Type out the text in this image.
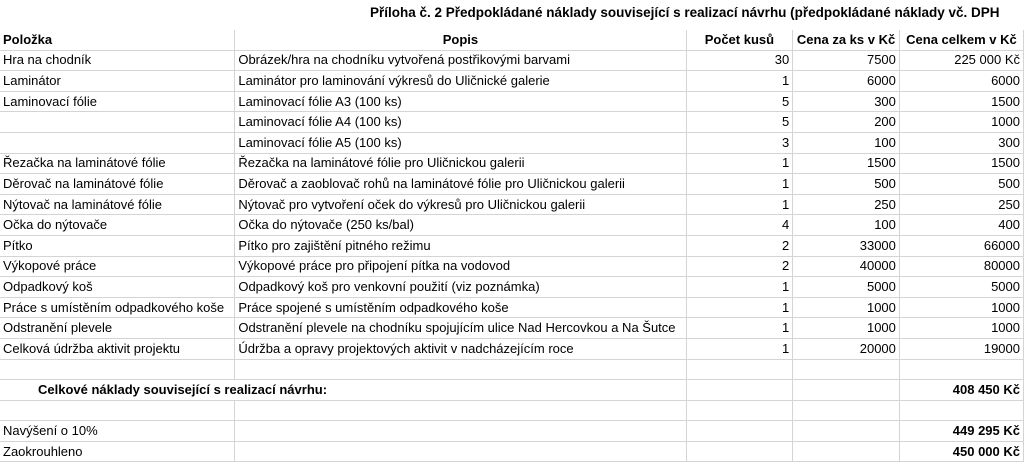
Příloha č. 2 Předpokládané náklady související s realizací návrhu (předpokládané náklady vč. DPH
Položka	Popis	Počet kusů	Cena za ks v Kč	Cena celkem v Kč
Hra na chodník	Obrázek/hra na chodníku vytvořená postřikovými barvami	30	7500	225 000 Kč
Laminátor	Laminátor pro laminování výkresů do Uličnické galerie	1	6000	6000
Laminovací fólie	Laminovací fólie A3 (100 ks)	5	300	1500
	Laminovací fólie A4 (100 ks)	5	200	1000
	Laminovací fólie A5 (100 ks)	3	100	300
Řezačka na laminátové fólie	Řezačka na laminátové fólie pro Uličnickou galerii	1	1500	1500
Děrovač na laminátové fólie	Děrovač a zaoblovač rohů na laminátové fólie pro Uličnickou galerii	1	500	500
Nýtovač na laminátové fólie	Nýtovač pro vytvoření oček do výkresů pro Uličnickou galerii	1	250	250
Očka do nýtovače	Očka do nýtovače (250 ks/bal)	4	100	400
Pítko	Pítko pro zajištění pitného režimu	2	33000	66000
Výkopové práce	Výkopové práce pro připojení pítka na vodovod	2	40000	80000
Odpadkový koš	Odpadkový koš pro venkovní použití (viz poznámka)	1	5000	5000
Práce s umístěním odpadkového koše	Práce spojené s umístěním odpadkového koše	1	1000	1000
Odstranění plevele	Odstranění plevele na chodníku spojujícím ulice Nad Hercovkou a Na Šutce	1	1000	1000
Celková údržba aktivit projektu	Údržba a opravy projektových aktivit v nadcházejícím roce	1	20000	19000

Celkové náklady související s realizací návrhu:				408 450 Kč

Navýšení o 10%				449 295 Kč
Zaokrouhleno				450 000 Kč
